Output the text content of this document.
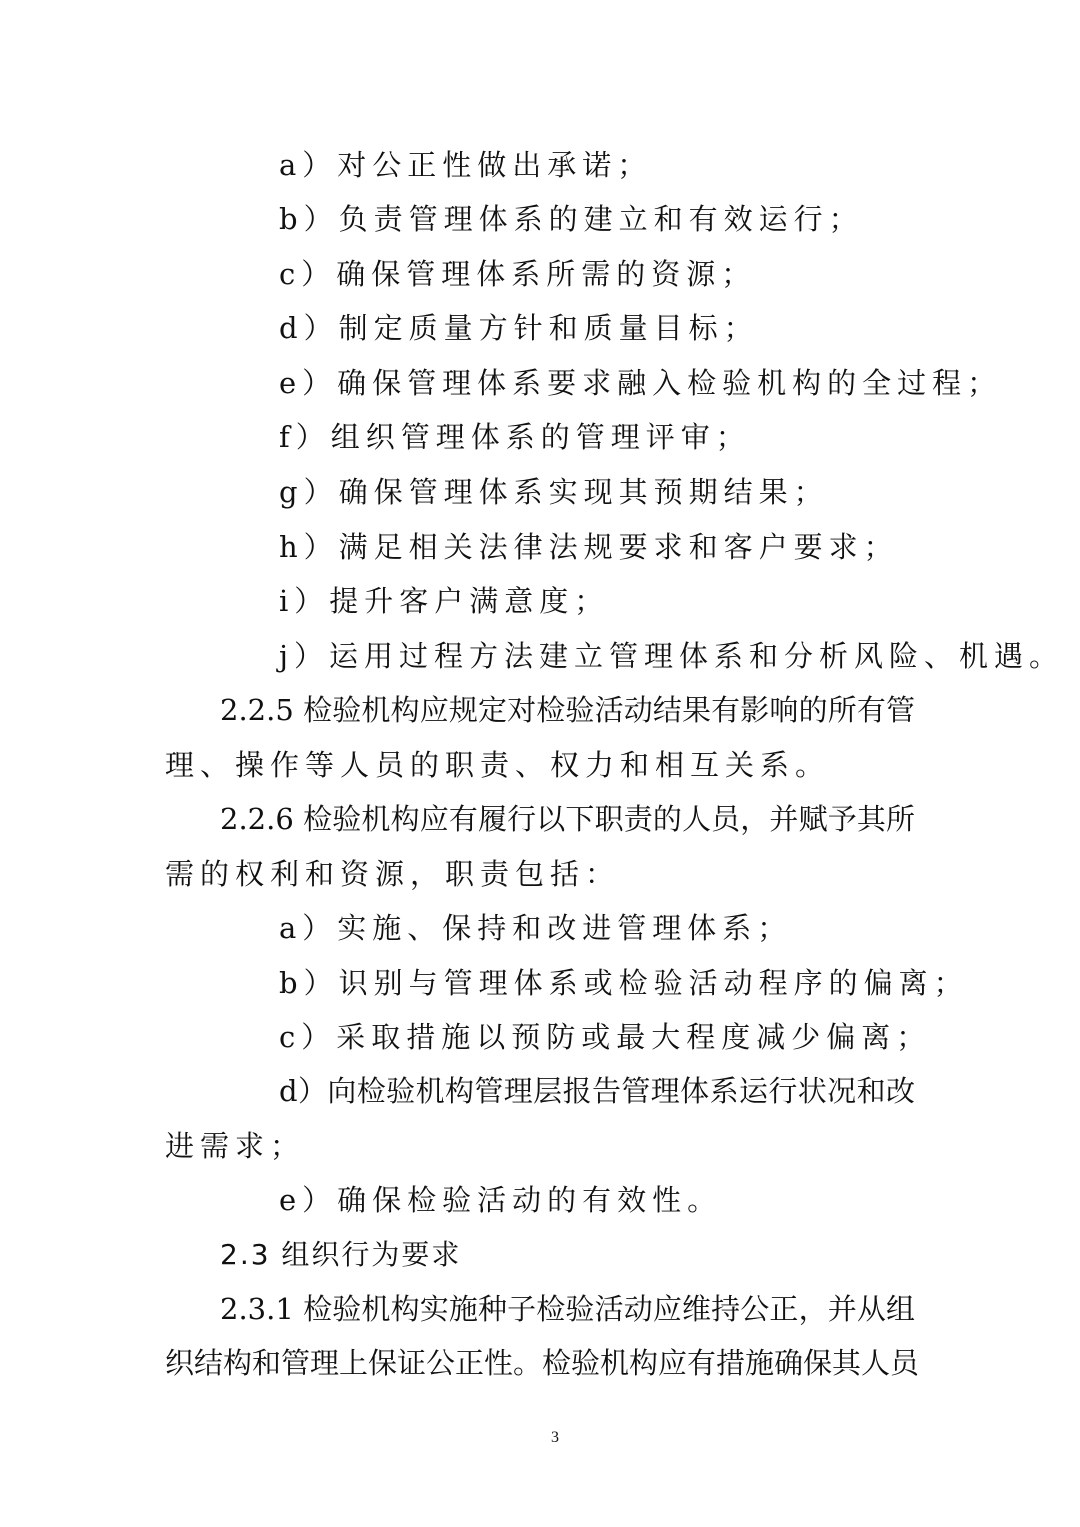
a）对公正性做出承诺；
b）负责管理体系的建立和有效运行；
c）确保管理体系所需的资源；
d）制定质量方针和质量目标；
e）确保管理体系要求融入检验机构的全过程；
f）组织管理体系的管理评审；
g）确保管理体系实现其预期结果；
h）满足相关法律法规要求和客户要求；
i）提升客户满意度；
j）运用过程方法建立管理体系和分析风险、机遇。
2.2.5 检验机构应规定对检验活动结果有影响的所有管
理、操作等人员的职责、权力和相互关系。
2.2.6 检验机构应有履行以下职责的人员，并赋予其所
需的权利和资源，职责包括：
a）实施、保持和改进管理体系；
b）识别与管理体系或检验活动程序的偏离；
c）采取措施以预防或最大程度减少偏离；
d）向检验机构管理层报告管理体系运行状况和改
进需求；
e）确保检验活动的有效性。
2.3 组织行为要求
2.3.1 检验机构实施种子检验活动应维持公正，并从组
织结构和管理上保证公正性。检验机构应有措施确保其人员
3
